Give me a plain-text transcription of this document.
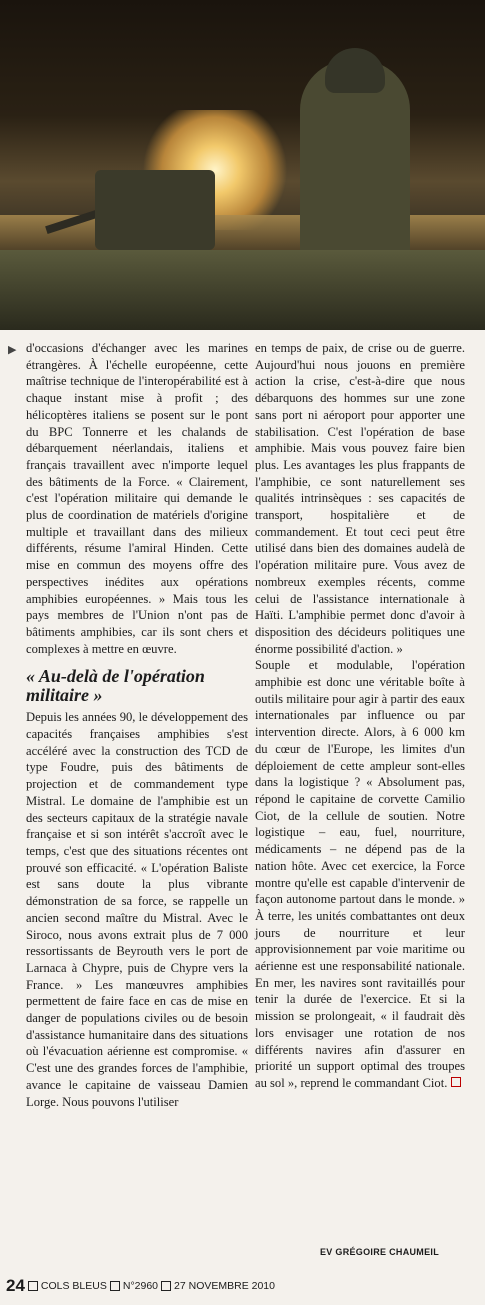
▶ d'occasions d'échanger avec les marines étrangères. À l'échelle européenne, cette maîtrise technique de l'interopérabilité est à chaque instant mise à profit ; des hélicoptères italiens se posent sur le pont du BPC Tonnerre et les chalands de débarquement néerlandais, italiens et français travaillent avec n'importe lequel des bâtiments de la Force. « Clairement, c'est l'opération militaire qui demande le plus de coordination de matériels d'origine multiple et travaillant dans des milieux différents, résume l'amiral Hinden. Cette mise en commun des moyens offre des perspectives inédites aux opérations amphibies européennes. » Mais tous les pays membres de l'Union n'ont pas de bâtiments amphibies, car ils sont chers et complexes à mettre en œuvre.

« Au-delà de l'opération militaire »

Depuis les années 90, le développement des capacités françaises amphibies s'est accéléré avec la construction des TCD de type Foudre, puis des bâtiments de projection et de commandement type Mistral. Le domaine de l'amphibie est un des secteurs capitaux de la stratégie navale française et si son intérêt s'accroît avec le temps, c'est que des situations récentes ont prouvé son efficacité. « L'opération Baliste est sans doute la plus vibrante démonstration de sa force, se rappelle un ancien second maître du Mistral. Avec le Siroco, nous avons extrait plus de 7 000 ressortissants de Beyrouth vers le port de Larnaca à Chypre, puis de Chypre vers la France. » Les manœuvres amphibies permettent de faire face en cas de mise en danger de populations civiles ou de besoin d'assistance humanitaire dans des situations où l'évacuation aérienne est compromise. « C'est une des grandes forces de l'amphibie, avance le capitaine de vaisseau Damien Lorge. Nous pouvons l'utiliser

en temps de paix, de crise ou de guerre. Aujourd'hui nous jouons en première action la crise, c'est-à-dire que nous débarquons des hommes sur une zone sans port ni aéroport pour apporter une stabilisation. C'est l'opération de base amphibie. Mais vous pouvez faire bien plus. Les avantages les plus frappants de l'amphibie, ce sont naturellement ses qualités intrinsèques : ses capacités de transport, hospitalière et de commandement. Et tout ceci peut être utilisé dans bien des domaines audelà de l'opération militaire pure. Vous avez de nombreux exemples récents, comme celui de l'assistance internationale à Haïti. L'amphibie permet donc d'avoir à disposition des décideurs politiques une énorme possibilité d'action. »

Souple et modulable, l'opération amphibie est donc une véritable boîte à outils militaire pour agir à partir des eaux internationales par influence ou par intervention directe. Alors, à 6 000 km du cœur de l'Europe, les limites d'un déploiement de cette ampleur sont-elles dans la logistique ? « Absolument pas, répond le capitaine de corvette Camilio Ciot, de la cellule de soutien. Notre logistique – eau, fuel, nourriture, médicaments – ne dépend pas de la nation hôte. Avec cet exercice, la Force montre qu'elle est capable d'intervenir de façon autonome partout dans le monde. » À terre, les unités combattantes ont deux jours de nourriture et leur approvisionnement par voie maritime ou aérienne est une responsabilité nationale. En mer, les navires sont ravitaillés pour tenir la durée de l'exercice. Et si la mission se prolongeait, « il faudrait dès lors envisager une rotation de nos différents navires afin d'assurer en priorité un support optimal des troupes au sol », reprend le commandant Ciot.

EV GRÉGOIRE CHAUMEIL
24 COLS BLEUS N°2960 27 NOVEMBRE 2010
